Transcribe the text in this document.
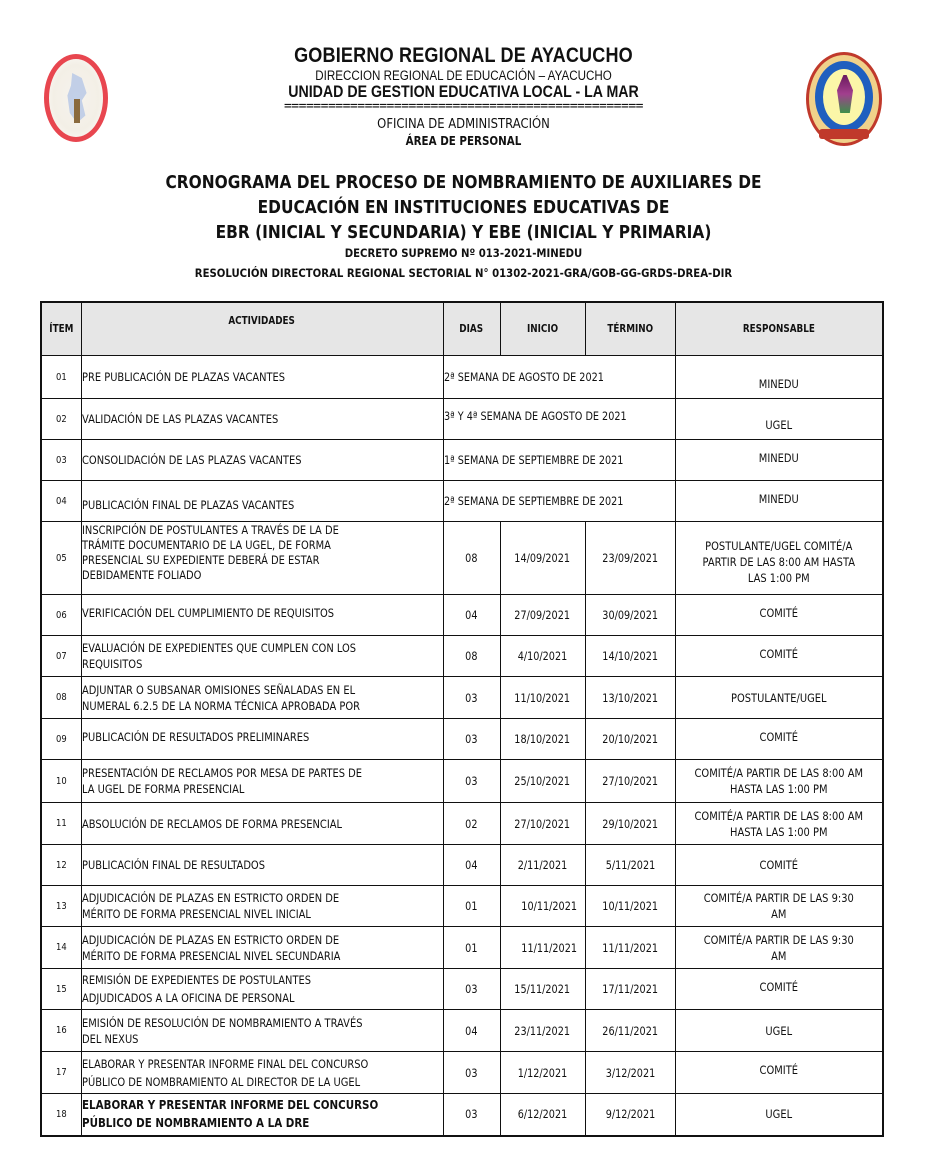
GOBIERNO REGIONAL DE AYACUCHO
DIRECCION REGIONAL DE EDUCACIÓN – AYACUCHO
UNIDAD DE GESTION EDUCATIVA LOCAL - LA MAR
=================================================
OFICINA DE ADMINISTRACIÓN
ÁREA DE PERSONAL
CRONOGRAMA DEL PROCESO DE NOMBRAMIENTO DE AUXILIARES DE
EDUCACIÓN EN INSTITUCIONES EDUCATIVAS DE
EBR (INICIAL Y SECUNDARIA) Y EBE (INICIAL Y PRIMARIA)
DECRETO SUPREMO Nº 013-2021-MINEDU
RESOLUCIÓN DIRECTORAL REGIONAL SECTORIAL N° 01302-2021-GRA/GOB-GG-GRDS-DREA-DIR
ÍTEM	ACTIVIDADES	DIAS	INICIO	TÉRMINO	RESPONSABLE
01	PRE PUBLICACIÓN DE PLAZAS VACANTES	2ª SEMANA DE AGOSTO DE 2021			MINEDU

02	VALIDACIÓN DE LAS PLAZAS VACANTES	3ª Y 4ª SEMANA DE AGOSTO DE 2021			UGEL

03	CONSOLIDACIÓN DE LAS PLAZAS VACANTES	1ª SEMANA DE SEPTIEMBRE DE 2021			MINEDU

04	PUBLICACIÓN FINAL DE PLAZAS VACANTES	2ª SEMANA DE SEPTIEMBRE DE 2021			MINEDU

05	INSCRIPCIÓN DE POSTULANTES A TRAVÉS DE LA DE
TRÁMITE DOCUMENTARIO DE LA UGEL, DE FORMA
PRESENCIAL SU EXPEDIENTE DEBERÁ DE ESTAR
DEBIDAMENTE FOLIADO	08	14/09/2021	23/09/2021	POSTULANTE/UGEL COMITÉ/A
PARTIR DE LAS 8:00 AM HASTA
LAS 1:00 PM

06	VERIFICACIÓN DEL CUMPLIMIENTO DE REQUISITOS	04	27/09/2021	30/09/2021	COMITÉ

07	EVALUACIÓN DE EXPEDIENTES QUE CUMPLEN CON LOS
REQUISITOS	08	4/10/2021	14/10/2021	COMITÉ

08	ADJUNTAR O SUBSANAR OMISIONES SEÑALADAS EN EL
NUMERAL 6.2.5 DE LA NORMA TÉCNICA APROBADA POR	03	11/10/2021	13/10/2021	POSTULANTE/UGEL

09	PUBLICACIÓN DE RESULTADOS PRELIMINARES	03	18/10/2021	20/10/2021	COMITÉ

10	PRESENTACIÓN DE RECLAMOS POR MESA DE PARTES DE
LA UGEL DE FORMA PRESENCIAL	03	25/10/2021	27/10/2021	COMITÉ/A PARTIR DE LAS 8:00 AM
HASTA LAS 1:00 PM

11	ABSOLUCIÓN DE RECLAMOS DE FORMA PRESENCIAL	02	27/10/2021	29/10/2021	COMITÉ/A PARTIR DE LAS 8:00 AM
HASTA LAS 1:00 PM

12	PUBLICACIÓN FINAL DE RESULTADOS	04	2/11/2021	5/11/2021	COMITÉ

13	ADJUDICACIÓN DE PLAZAS EN ESTRICTO ORDEN DE
MÉRITO DE FORMA PRESENCIAL NIVEL INICIAL	01	10/11/2021	10/11/2021	COMITÉ/A PARTIR DE LAS 9:30
AM

14	ADJUDICACIÓN DE PLAZAS EN ESTRICTO ORDEN DE
MÉRITO DE FORMA PRESENCIAL NIVEL SECUNDARIA	01	11/11/2021	11/11/2021	COMITÉ/A PARTIR DE LAS 9:30
AM

15	REMISIÓN DE EXPEDIENTES DE POSTULANTES
ADJUDICADOS A LA OFICINA DE PERSONAL	03	15/11/2021	17/11/2021	COMITÉ

16	EMISIÓN DE RESOLUCIÓN DE NOMBRAMIENTO A TRAVÉS
DEL NEXUS	04	23/11/2021	26/11/2021	UGEL

17	ELABORAR Y PRESENTAR INFORME FINAL DEL CONCURSO
PÚBLICO DE NOMBRAMIENTO AL DIRECTOR DE LA UGEL	03	1/12/2021	3/12/2021	COMITÉ

18	ELABORAR Y PRESENTAR INFORME DEL CONCURSO
PÚBLICO DE NOMBRAMIENTO A LA DRE	03	6/12/2021	9/12/2021	UGEL
